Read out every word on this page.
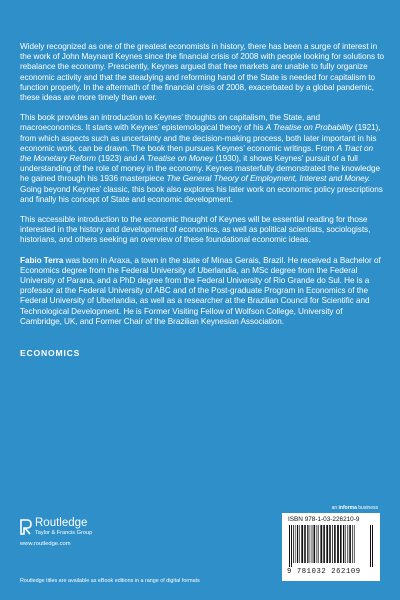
Widely recognized as one of the greatest economists in history, there has been a surge of interest in the work of John Maynard Keynes since the financial crisis of 2008 with people looking for solutions to rebalance the economy. Presciently, Keynes argued that free markets are unable to fully organize economic activity and that the steadying and reforming hand of the State is needed for capitalism to function properly. In the aftermath of the financial crisis of 2008, exacerbated by a global pandemic, these ideas are more timely than ever.

This book provides an introduction to Keynes’ thoughts on capitalism, the State, and macroeconomics. It starts with Keynes’ epistemological theory of his A Treatise on Probability (1921), from which aspects such as uncertainty and the decision-making process, both later important in his economic work, can be drawn. The book then pursues Keynes’ economic writings. From A Tract on the Monetary Reform (1923) and A Treatise on Money (1930), it shows Keynes’ pursuit of a full understanding of the role of money in the economy. Keynes masterfully demonstrated the knowledge he gained through his 1936 masterpiece The General Theory of Employment, Interest and Money. Going beyond Keynes’ classic, this book also explores his later work on economic policy prescriptions and finally his concept of State and economic development.

This accessible introduction to the economic thought of Keynes will be essential reading for those interested in the history and development of economics, as well as political scientists, sociologists, historians, and others seeking an overview of these foundational economic ideas.

Fabio Terra was born in Araxa, a town in the state of Minas Gerais, Brazil. He received a Bachelor of Economics degree from the Federal University of Uberlandia, an MSc degree from the Federal University of Parana, and a PhD degree from the Federal University of Rio Grande do Sul. He is a professor at the Federal University of ABC and of the Post-graduate Program in Economics of the Federal University of Uberlandia, as well as a researcher at the Brazilian Council for Scientific and Technological Development. He is Former Visiting Fellow of Wolfson College, University of Cambridge, UK, and Former Chair of the Brazilian Keynesian Association.

ECONOMICS
an informa business
Routledge
Taylor & Francis Group
www.routledge.com
ISBN 978-1-03-226210-9
9 781032 262109
Routledge titles are available as eBook editions in a range of digital formats
